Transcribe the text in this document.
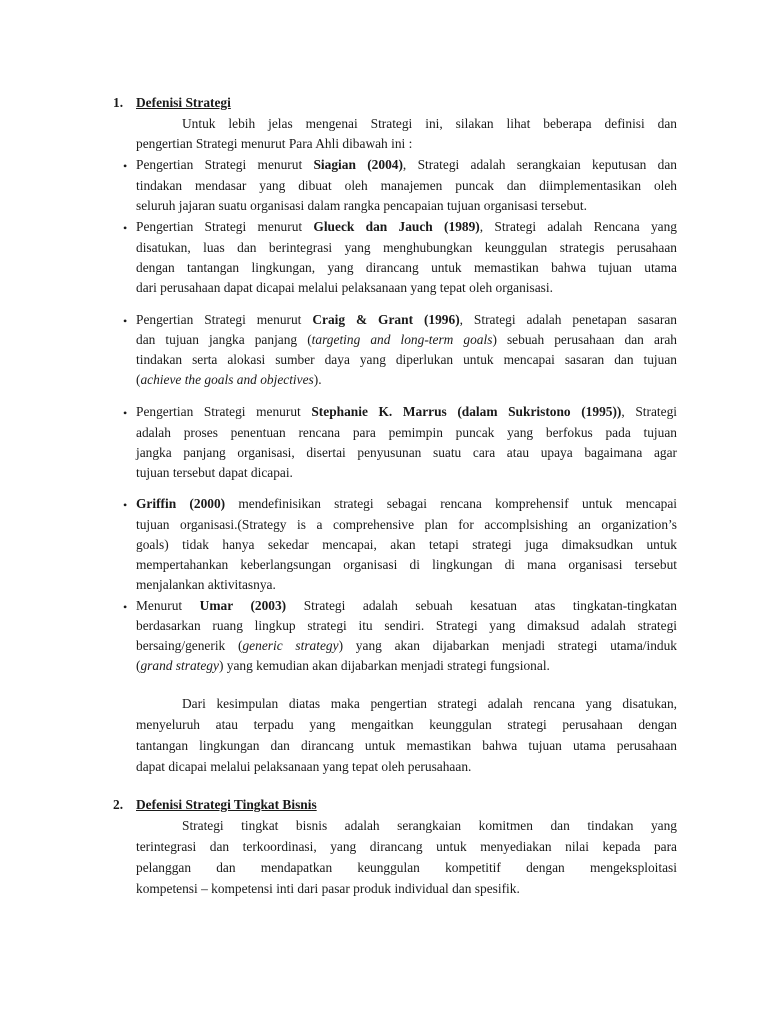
1. Defenisi Strategi
Untuk lebih jelas mengenai Strategi ini, silakan lihat beberapa definisi dan
pengertian Strategi menurut Para Ahli dibawah ini :
• Pengertian Strategi menurut Siagian (2004), Strategi adalah serangkaian keputusan dan
tindakan mendasar yang dibuat oleh manajemen puncak dan diimplementasikan oleh
seluruh jajaran suatu organisasi dalam rangka pencapaian tujuan organisasi tersebut.
• Pengertian Strategi menurut Glueck dan Jauch (1989), Strategi adalah Rencana yang
disatukan, luas dan berintegrasi yang menghubungkan keunggulan strategis perusahaan
dengan tantangan lingkungan, yang dirancang untuk memastikan bahwa tujuan utama
dari perusahaan dapat dicapai melalui pelaksanaan yang tepat oleh organisasi.
• Pengertian Strategi menurut Craig & Grant (1996), Strategi adalah penetapan sasaran
dan tujuan jangka panjang (targeting and long-term goals) sebuah perusahaan dan arah
tindakan serta alokasi sumber daya yang diperlukan untuk mencapai sasaran dan tujuan
(achieve the goals and objectives).
• Pengertian Strategi menurut Stephanie K. Marrus (dalam Sukristono (1995)), Strategi
adalah proses penentuan rencana para pemimpin puncak yang berfokus pada tujuan
jangka panjang organisasi, disertai penyusunan suatu cara atau upaya bagaimana agar
tujuan tersebut dapat dicapai.
• Griffin (2000) mendefinisikan strategi sebagai rencana komprehensif untuk mencapai
tujuan organisasi.(Strategy is a comprehensive plan for accomplsishing an organization’s
goals) tidak hanya sekedar mencapai, akan tetapi strategi juga dimaksudkan untuk
mempertahankan keberlangsungan organisasi di lingkungan di mana organisasi tersebut
menjalankan aktivitasnya.
• Menurut Umar (2003) Strategi adalah sebuah kesatuan atas tingkatan-tingkatan
berdasarkan ruang lingkup strategi itu sendiri. Strategi yang dimaksud adalah strategi
bersaing/generik (generic strategy) yang akan dijabarkan menjadi strategi utama/induk
(grand strategy) yang kemudian akan dijabarkan menjadi strategi fungsional.
Dari kesimpulan diatas maka pengertian strategi adalah rencana yang disatukan,
menyeluruh atau terpadu yang mengaitkan keunggulan strategi perusahaan dengan
tantangan lingkungan dan dirancang untuk memastikan bahwa tujuan utama perusahaan
dapat dicapai melalui pelaksanaan yang tepat oleh perusahaan.
2. Defenisi Strategi Tingkat Bisnis
Strategi tingkat bisnis adalah serangkaian komitmen dan tindakan yang
terintegrasi dan terkoordinasi, yang dirancang untuk menyediakan nilai kepada para
pelanggan dan mendapatkan keunggulan kompetitif dengan mengeksploitasi
kompetensi – kompetensi inti dari pasar produk individual dan spesifik.
